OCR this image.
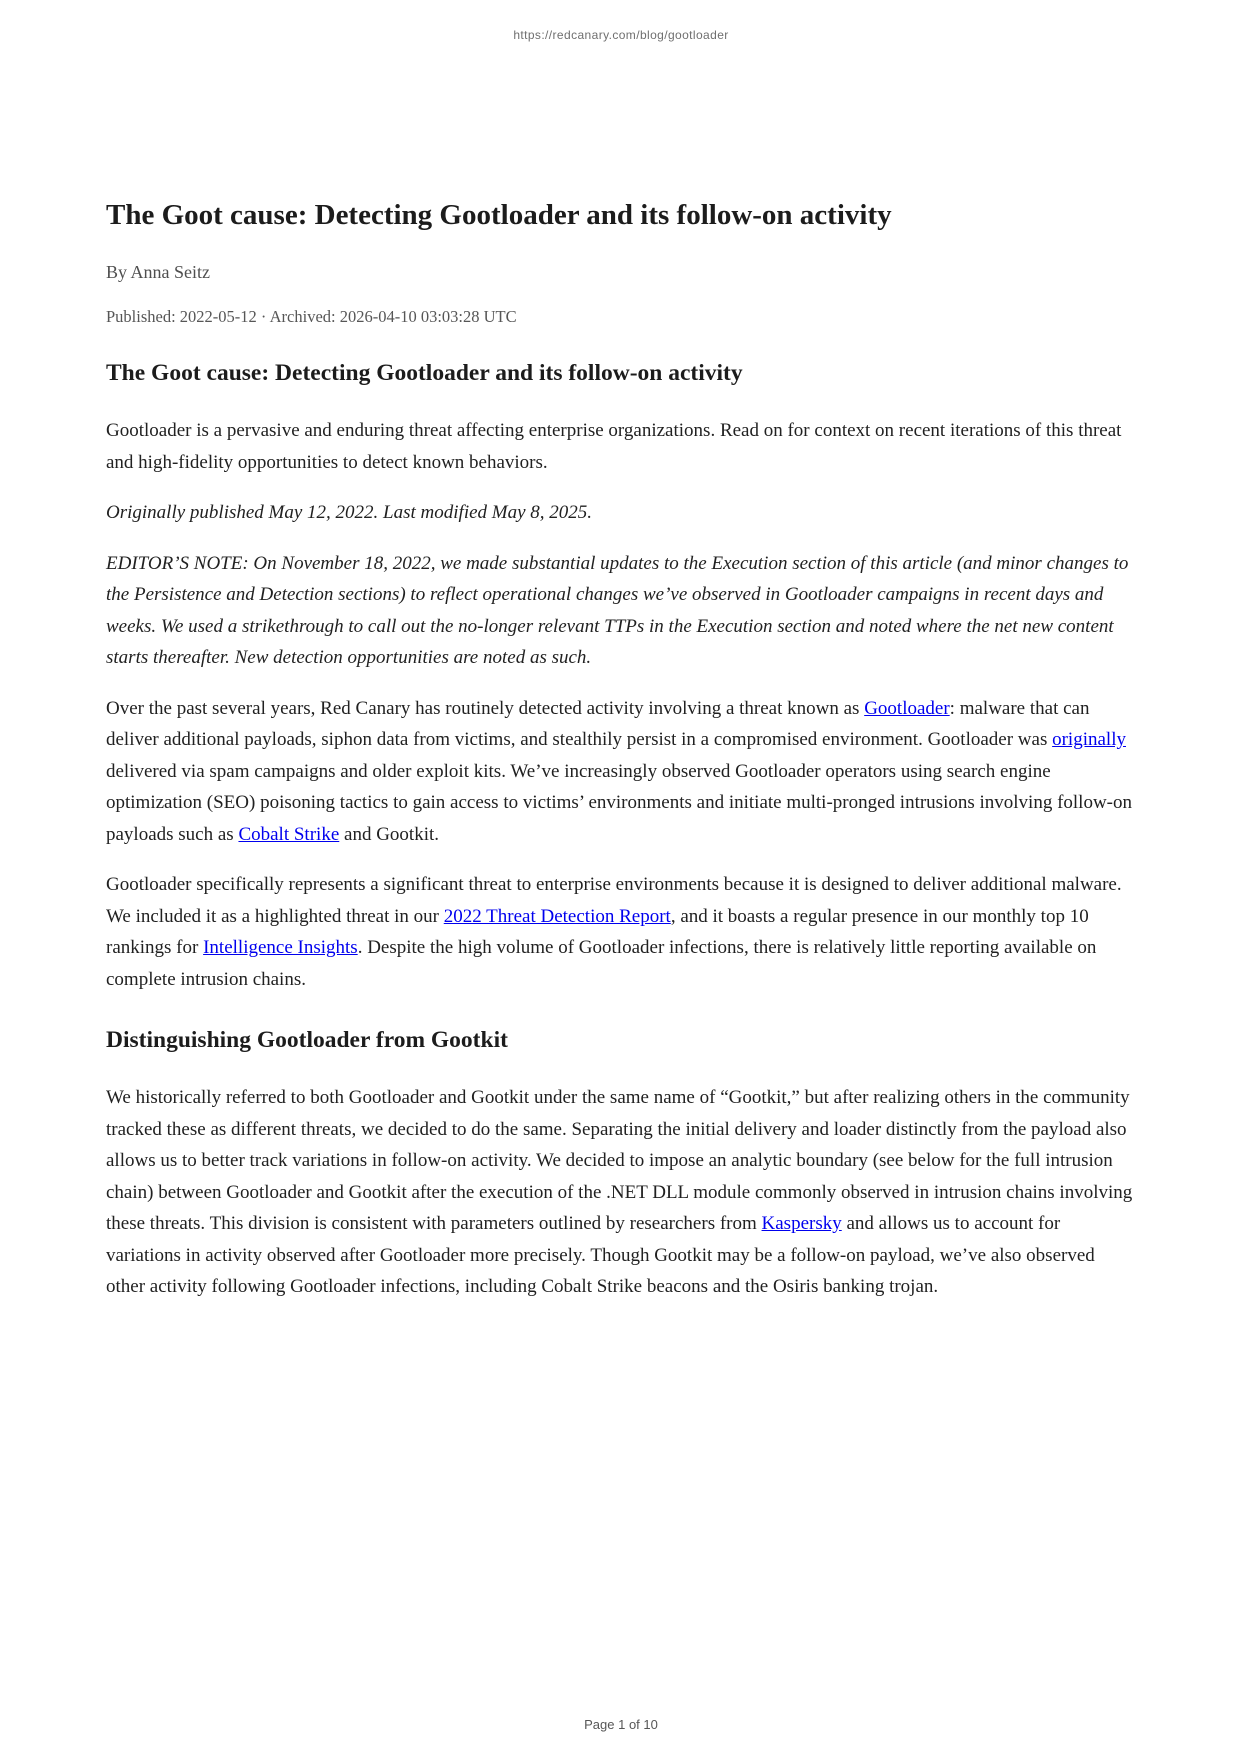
https://redcanary.com/blog/gootloader
The Goot cause: Detecting Gootloader and its follow-on activity
By Anna Seitz
Published: 2022-05-12 · Archived: 2026-04-10 03:03:28 UTC
The Goot cause: Detecting Gootloader and its follow-on activity

Gootloader is a pervasive and enduring threat affecting enterprise organizations. Read on for context on recent iterations of this threat and high-fidelity opportunities to detect known behaviors.

Originally published May 12, 2022. Last modified May 8, 2025.

EDITOR’S NOTE: On November 18, 2022, we made substantial updates to the Execution section of this article (and minor changes to the Persistence and Detection sections) to reflect operational changes we’ve observed in Gootloader campaigns in recent days and weeks. We used a strikethrough to call out the no-longer relevant TTPs in the Execution section and noted where the net new content starts thereafter. New detection opportunities are noted as such.

Over the past several years, Red Canary has routinely detected activity involving a threat known as Gootloader: malware that can deliver additional payloads, siphon data from victims, and stealthily persist in a compromised environment. Gootloader was originally delivered via spam campaigns and older exploit kits. We’ve increasingly observed Gootloader operators using search engine optimization (SEO) poisoning tactics to gain access to victims’ environments and initiate multi-pronged intrusions involving follow-on payloads such as Cobalt Strike and Gootkit.

Gootloader specifically represents a significant threat to enterprise environments because it is designed to deliver additional malware. We included it as a highlighted threat in our 2022 Threat Detection Report, and it boasts a regular presence in our monthly top 10 rankings for Intelligence Insights. Despite the high volume of Gootloader infections, there is relatively little reporting available on complete intrusion chains.

Distinguishing Gootloader from Gootkit

We historically referred to both Gootloader and Gootkit under the same name of “Gootkit,” but after realizing others in the community tracked these as different threats, we decided to do the same. Separating the initial delivery and loader distinctly from the payload also allows us to better track variations in follow-on activity. We decided to impose an analytic boundary (see below for the full intrusion chain) between Gootloader and Gootkit after the execution of the .NET DLL module commonly observed in intrusion chains involving these threats. This division is consistent with parameters outlined by researchers from Kaspersky and allows us to account for variations in activity observed after Gootloader more precisely. Though Gootkit may be a follow-on payload, we’ve also observed other activity following Gootloader infections, including Cobalt Strike beacons and the Osiris banking trojan.

Page 1 of 10
